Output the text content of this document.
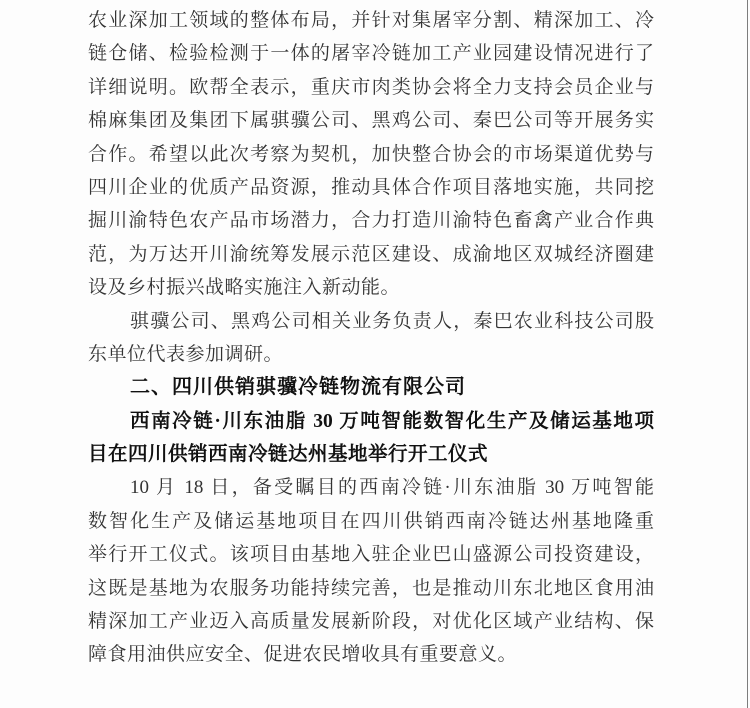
农业深加工领域的整体布局，并针对集屠宰分割、精深加工、冷
链仓储、检验检测于一体的屠宰冷链加工产业园建设情况进行了
详细说明。欧帮全表示，重庆市肉类协会将全力支持会员企业与
棉麻集团及集团下属骐骥公司、黑鸡公司、秦巴公司等开展务实
合作。希望以此次考察为契机，加快整合协会的市场渠道优势与
四川企业的优质产品资源，推动具体合作项目落地实施，共同挖
掘川渝特色农产品市场潜力，合力打造川渝特色畜禽产业合作典
范，为万达开川渝统筹发展示范区建设、成渝地区双城经济圈建
设及乡村振兴战略实施注入新动能。
骐骥公司、黑鸡公司相关业务负责人，秦巴农业科技公司股
东单位代表参加调研。
二、四川供销骐骥冷链物流有限公司
西南冷链·川东油脂 30 万吨智能数智化生产及储运基地项
目在四川供销西南冷链达州基地举行开工仪式
10 月 18 日，备受瞩目的西南冷链·川东油脂 30 万吨智能
数智化生产及储运基地项目在四川供销西南冷链达州基地隆重
举行开工仪式。该项目由基地入驻企业巴山盛源公司投资建设，
这既是基地为农服务功能持续完善，也是推动川东北地区食用油
精深加工产业迈入高质量发展新阶段，对优化区域产业结构、保
障食用油供应安全、促进农民增收具有重要意义。
